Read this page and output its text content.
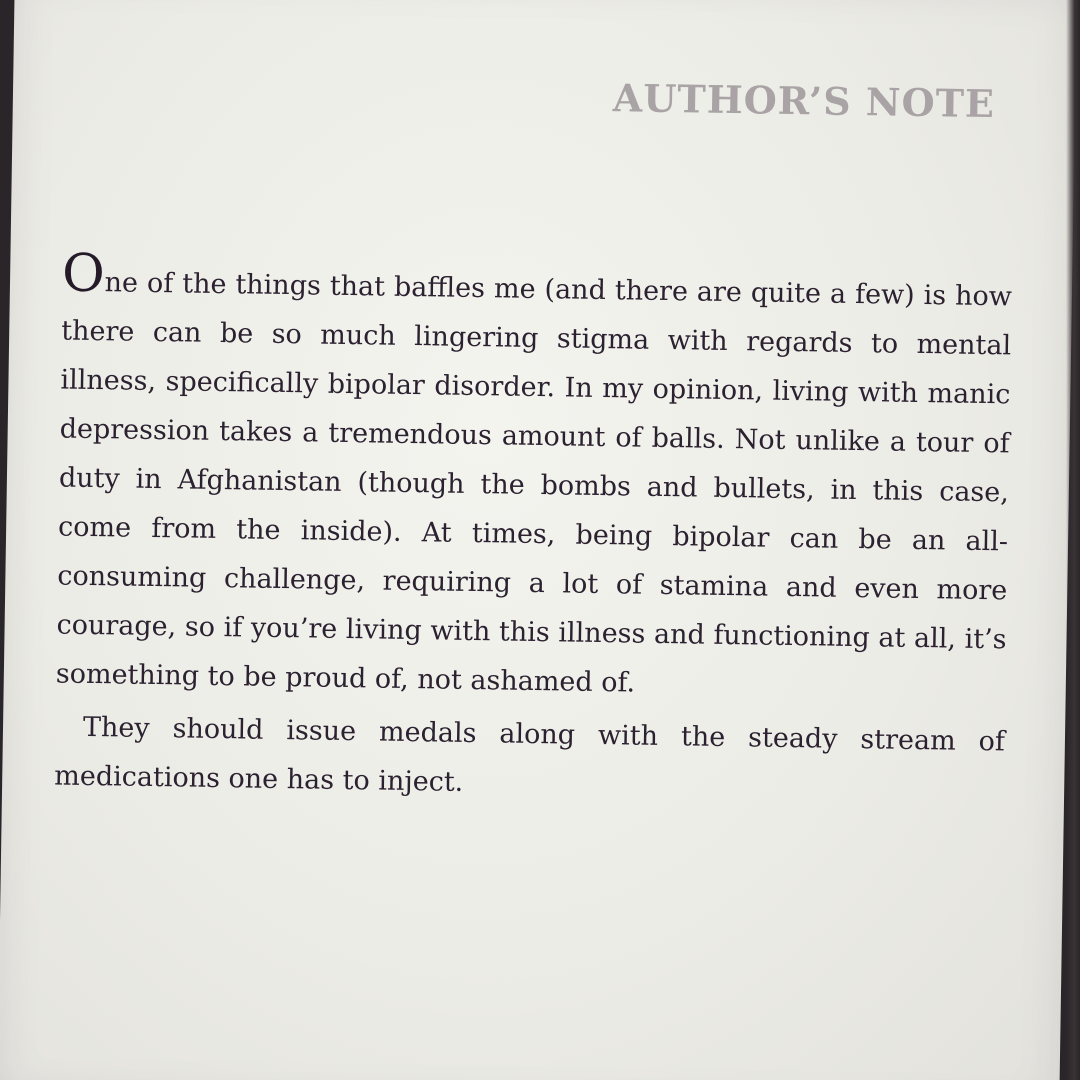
AUTHOR’S NOTE

One of the things that baffles me (and there are quite a few) is how there can be so much lingering stigma with regards to mental illness, specifically bipolar disorder. In my opinion, living with manic depression takes a tremendous amount of balls. Not unlike a tour of duty in Afghanistan (though the bombs and bullets, in this case, come from the inside). At times, being bipolar can be an all-consuming challenge, requiring a lot of stamina and even more courage, so if you’re living with this illness and functioning at all, it’s something to be proud of, not ashamed of.

They should issue medals along with the steady stream of medications one has to inject.
